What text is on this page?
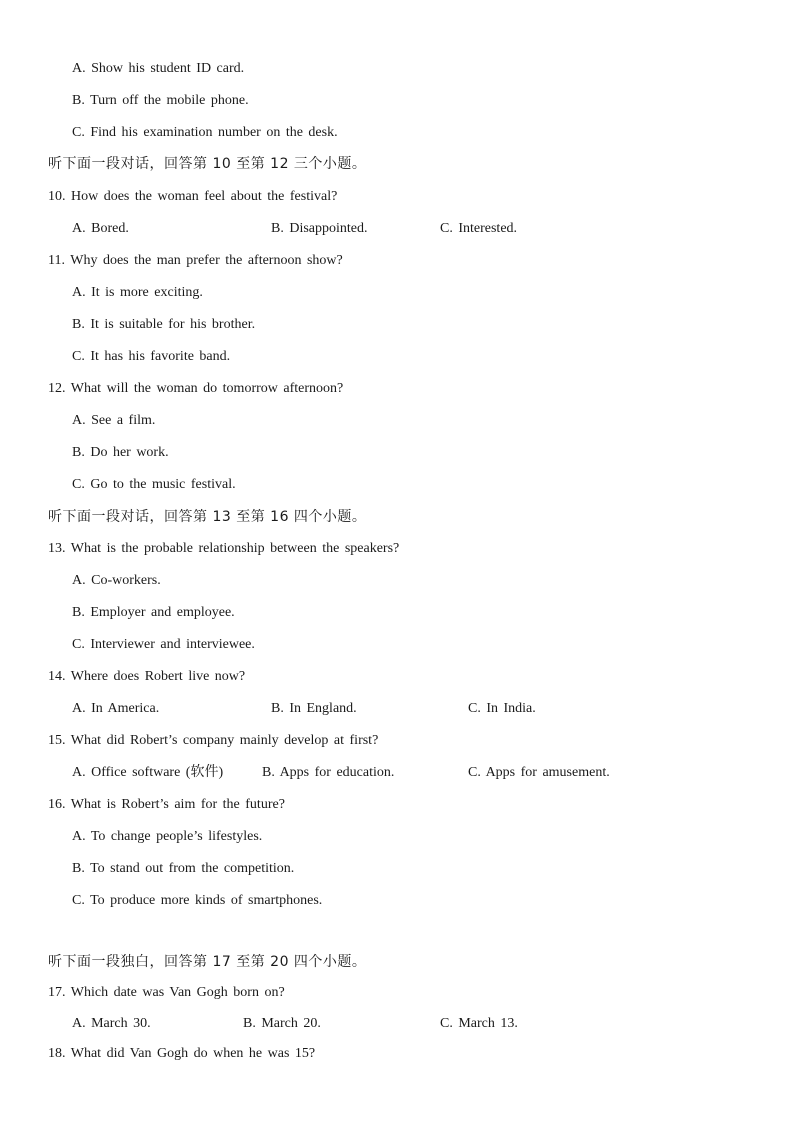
A. Show his student ID card.
B. Turn off the mobile phone.
C. Find his examination number on the desk.
听下面一段对话，回答第 10 至第 12 三个小题。
10. How does the woman feel about the festival?
A. Bored.	B. Disappointed.	C. Interested.
11. Why does the man prefer the afternoon show?
A. It is more exciting.
B. It is suitable for his brother.
C. It has his favorite band.
12. What will the woman do tomorrow afternoon?
A. See a film.
B. Do her work.
C. Go to the music festival.
听下面一段对话，回答第 13 至第 16 四个小题。
13. What is the probable relationship between the speakers?
A. Co-workers.
B. Employer and employee.
C. Interviewer and interviewee.
14. Where does Robert live now?
A. In America.	B. In England.	C. In India.
15. What did Robert’s company mainly develop at first?
A. Office software (软件)	B. Apps for education.	C. Apps for amusement.
16. What is Robert’s aim for the future?
A. To change people’s lifestyles.
B. To stand out from the competition.
C. To produce more kinds of smartphones.
听下面一段独白，回答第 17 至第 20 四个小题。
17. Which date was Van Gogh born on?
A. March 30.	B. March 20.	C. March 13.
18. What did Van Gogh do when he was 15?
